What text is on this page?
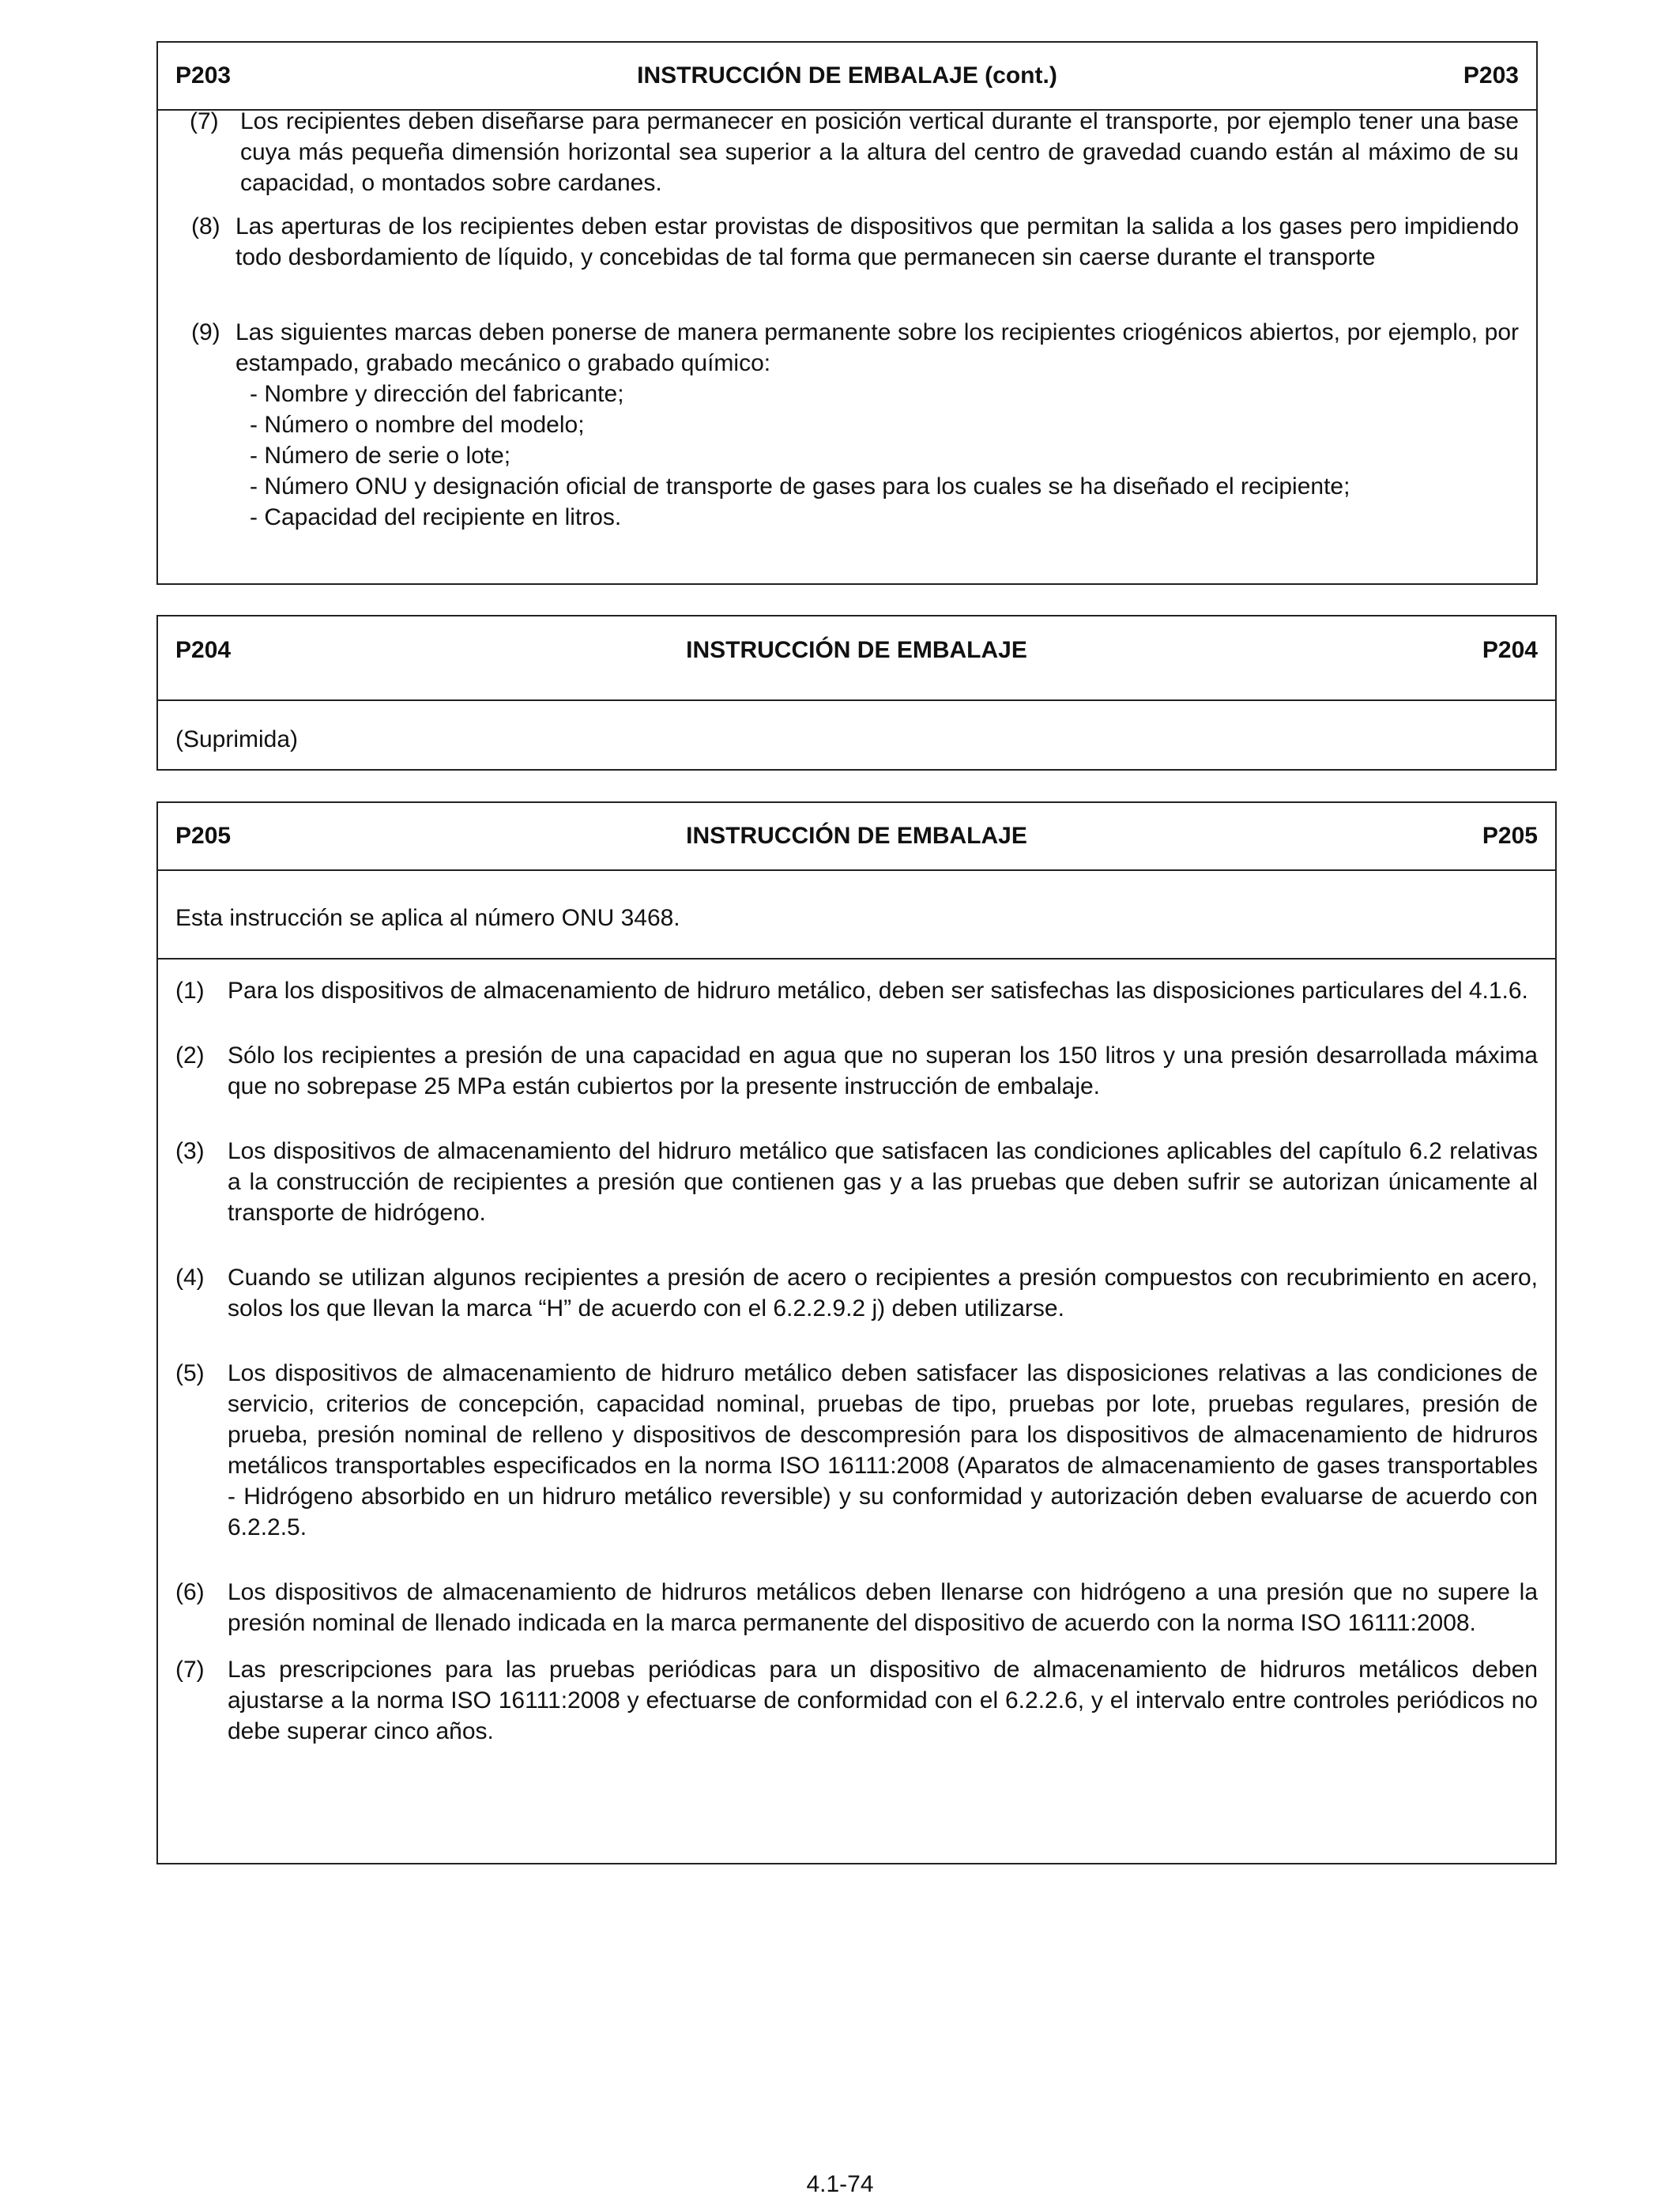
P203	INSTRUCCIÓN DE EMBALAJE (cont.)	P203
(7) Los recipientes deben diseñarse para permanecer en posición vertical durante el transporte, por ejemplo tener una base cuya más pequeña dimensión horizontal sea superior a la altura del centro de gravedad cuando están al máximo de su capacidad, o montados sobre cardanes.
(8) Las aperturas de los recipientes deben estar provistas de dispositivos que permitan la salida a los gases pero impidiendo todo desbordamiento de líquido, y concebidas de tal forma que permanecen sin caerse durante el transporte
(9) Las siguientes marcas deben ponerse de manera permanente sobre los recipientes criogénicos abiertos, por ejemplo, por estampado, grabado mecánico o grabado químico:
- Nombre y dirección del fabricante;
- Número o nombre del modelo;
- Número de serie o lote;
- Número ONU y designación oficial de transporte de gases para los cuales se ha diseñado el recipiente;
- Capacidad del recipiente en litros.
P204	INSTRUCCIÓN DE EMBALAJE	P204
(Suprimida)
P205	INSTRUCCIÓN DE EMBALAJE	P205
Esta instrucción se aplica al número ONU 3468.
(1) Para los dispositivos de almacenamiento de hidruro metálico, deben ser satisfechas las disposiciones particulares del 4.1.6.
(2) Sólo los recipientes a presión de una capacidad en agua que no superan los 150 litros y una presión desarrollada máxima que no sobrepase 25 MPa están cubiertos por la presente instrucción de embalaje.
(3) Los dispositivos de almacenamiento del hidruro metálico que satisfacen las condiciones aplicables del capítulo 6.2 relativas a la construcción de recipientes a presión que contienen gas y a las pruebas que deben sufrir se autorizan únicamente al transporte de hidrógeno.
(4) Cuando se utilizan algunos recipientes a presión de acero o recipientes a presión compuestos con recubrimiento en acero, solos los que llevan la marca “H” de acuerdo con el 6.2.2.9.2 j) deben utilizarse.
(5) Los dispositivos de almacenamiento de hidruro metálico deben satisfacer las disposiciones relativas a las condiciones de servicio, criterios de concepción, capacidad nominal, pruebas de tipo, pruebas por lote, pruebas regulares, presión de prueba, presión nominal de relleno y dispositivos de descompresión para los dispositivos de almacenamiento de hidruros metálicos transportables especificados en la norma ISO 16111:2008 (Aparatos de almacenamiento de gases transportables - Hidrógeno absorbido en un hidruro metálico reversible) y su conformidad y autorización deben evaluarse de acuerdo con 6.2.2.5.
(6) Los dispositivos de almacenamiento de hidruros metálicos deben llenarse con hidrógeno a una presión que no supere la presión nominal de llenado indicada en la marca permanente del dispositivo de acuerdo con la norma ISO 16111:2008.
(7) Las prescripciones para las pruebas periódicas para un dispositivo de almacenamiento de hidruros metálicos deben ajustarse a la norma ISO 16111:2008 y efectuarse de conformidad con el 6.2.2.6, y el intervalo entre controles periódicos no debe superar cinco años.
4.1-74
